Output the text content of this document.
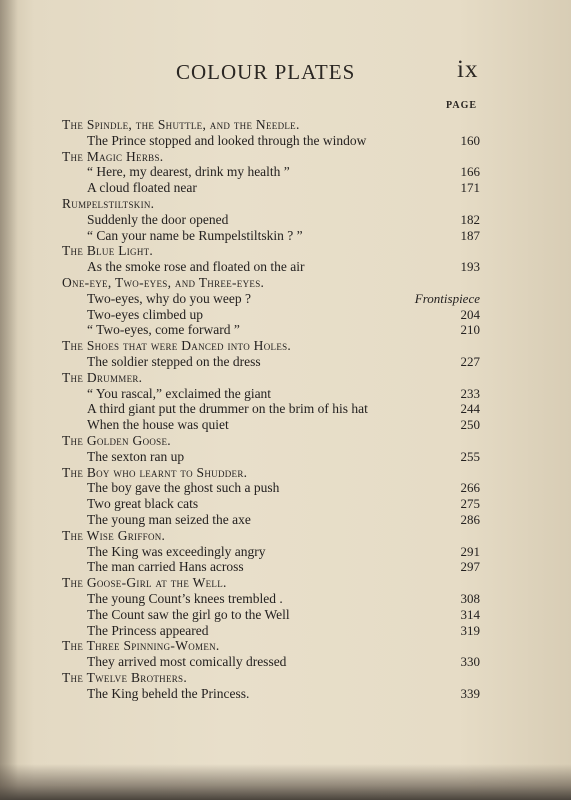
COLOUR PLATES	ix
PAGE
The Spindle, the Shuttle, and the Needle.
The Prince stopped and looked through the window	160
The Magic Herbs.
“ Here, my dearest, drink my health ”	166
A cloud floated near	171
Rumpelstiltskin.
Suddenly the door opened	182
“ Can your name be Rumpelstiltskin ? ”	187
The Blue Light.
As the smoke rose and floated on the air	193
One-eye, Two-eyes, and Three-eyes.
Two-eyes, why do you weep ?	Frontispiece
Two-eyes climbed up	204
“ Two-eyes, come forward ”	210
The Shoes that were Danced into Holes.
The soldier stepped on the dress	227
The Drummer.
“ You rascal,” exclaimed the giant	233
A third giant put the drummer on the brim of his hat	244
When the house was quiet	250
The Golden Goose.
The sexton ran up	255
The Boy who learnt to Shudder.
The boy gave the ghost such a push	266
Two great black cats	275
The young man seized the axe	286
The Wise Griffon.
The King was exceedingly angry	291
The man carried Hans across	297
The Goose-Girl at the Well.
The young Count’s knees trembled .	308
The Count saw the girl go to the Well	314
The Princess appeared	319
The Three Spinning-Women.
They arrived most comically dressed	330
The Twelve Brothers.
The King beheld the Princess.	339
